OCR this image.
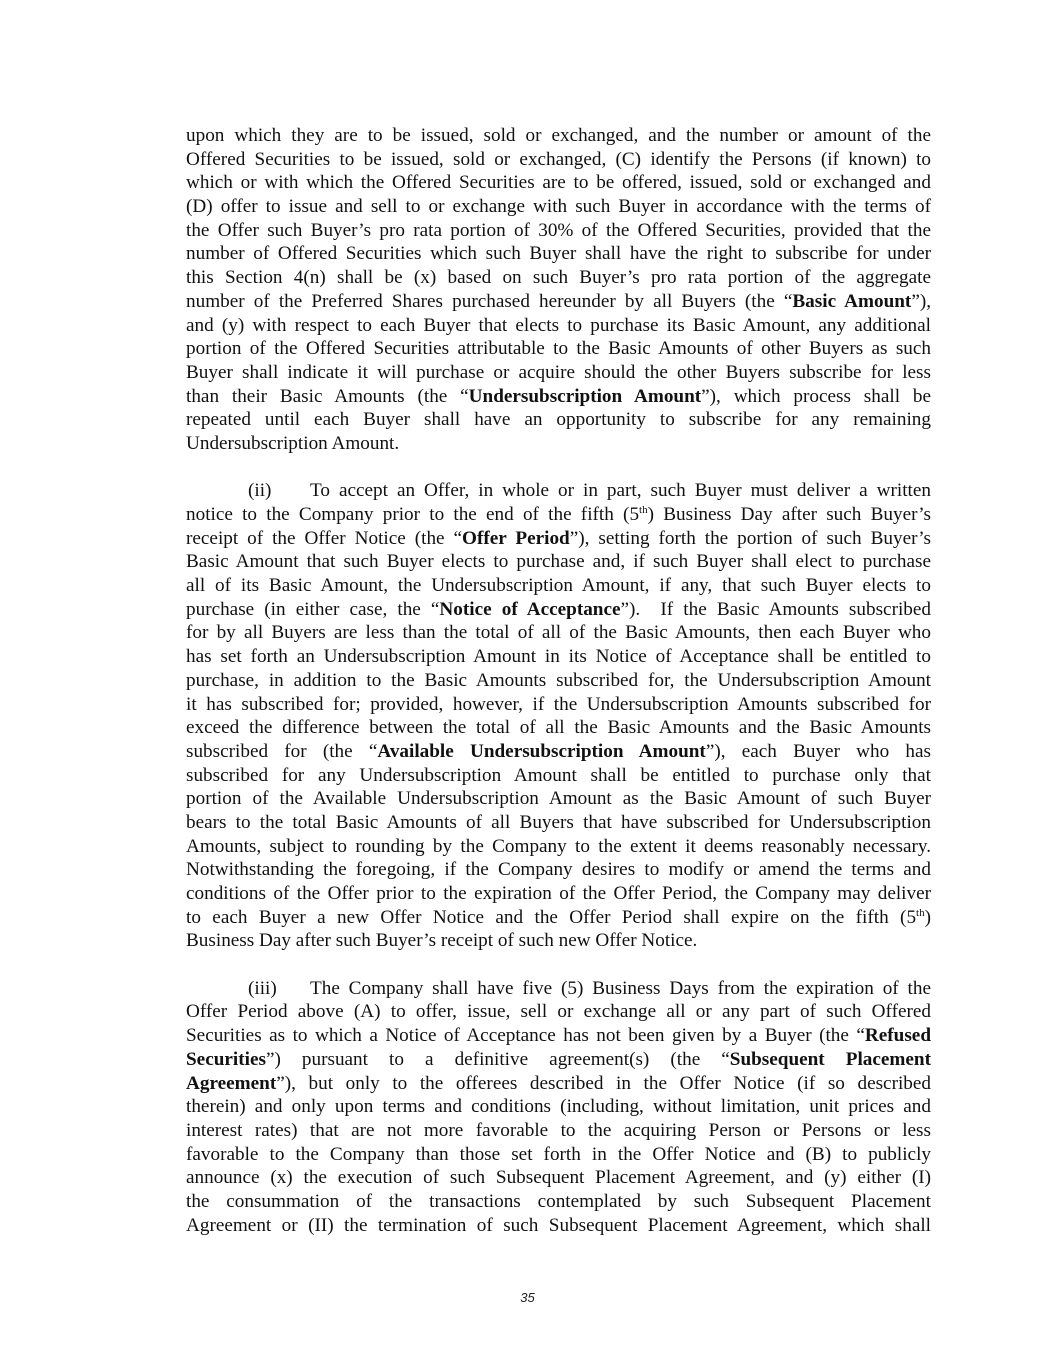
upon which they are to be issued, sold or exchanged, and the number or amount of the
Offered Securities to be issued, sold or exchanged, (C) identify the Persons (if known) to
which or with which the Offered Securities are to be offered, issued, sold or exchanged and
(D) offer to issue and sell to or exchange with such Buyer in accordance with the terms of
the Offer such Buyer’s pro rata portion of 30% of the Offered Securities, provided that the
number of Offered Securities which such Buyer shall have the right to subscribe for under
this Section 4(n) shall be (x) based on such Buyer’s pro rata portion of the aggregate
number of the Preferred Shares purchased hereunder by all Buyers (the “Basic Amount”),
and (y) with respect to each Buyer that elects to purchase its Basic Amount, any additional
portion of the Offered Securities attributable to the Basic Amounts of other Buyers as such
Buyer shall indicate it will purchase or acquire should the other Buyers subscribe for less
than their Basic Amounts (the “Undersubscription Amount”), which process shall be
repeated until each Buyer shall have an opportunity to subscribe for any remaining
Undersubscription Amount.
(ii) To accept an Offer, in whole or in part, such Buyer must deliver a written
notice to the Company prior to the end of the fifth (5th) Business Day after such Buyer’s
receipt of the Offer Notice (the “Offer Period”), setting forth the portion of such Buyer’s
Basic Amount that such Buyer elects to purchase and, if such Buyer shall elect to purchase
all of its Basic Amount, the Undersubscription Amount, if any, that such Buyer elects to
purchase (in either case, the “Notice of Acceptance”).  If the Basic Amounts subscribed
for by all Buyers are less than the total of all of the Basic Amounts, then each Buyer who
has set forth an Undersubscription Amount in its Notice of Acceptance shall be entitled to
purchase, in addition to the Basic Amounts subscribed for, the Undersubscription Amount
it has subscribed for; provided, however, if the Undersubscription Amounts subscribed for
exceed the difference between the total of all the Basic Amounts and the Basic Amounts
subscribed for (the “Available Undersubscription Amount”), each Buyer who has
subscribed for any Undersubscription Amount shall be entitled to purchase only that
portion of the Available Undersubscription Amount as the Basic Amount of such Buyer
bears to the total Basic Amounts of all Buyers that have subscribed for Undersubscription
Amounts, subject to rounding by the Company to the extent it deems reasonably necessary.
Notwithstanding the foregoing, if the Company desires to modify or amend the terms and
conditions of the Offer prior to the expiration of the Offer Period, the Company may deliver
to each Buyer a new Offer Notice and the Offer Period shall expire on the fifth (5th)
Business Day after such Buyer’s receipt of such new Offer Notice.
(iii) The Company shall have five (5) Business Days from the expiration of the
Offer Period above (A) to offer, issue, sell or exchange all or any part of such Offered
Securities as to which a Notice of Acceptance has not been given by a Buyer (the “Refused
Securities”) pursuant to a definitive agreement(s) (the “Subsequent Placement
Agreement”), but only to the offerees described in the Offer Notice (if so described
therein) and only upon terms and conditions (including, without limitation, unit prices and
interest rates) that are not more favorable to the acquiring Person or Persons or less
favorable to the Company than those set forth in the Offer Notice and (B) to publicly
announce (x) the execution of such Subsequent Placement Agreement, and (y) either (I)
the consummation of the transactions contemplated by such Subsequent Placement
Agreement or (II) the termination of such Subsequent Placement Agreement, which shall
35
